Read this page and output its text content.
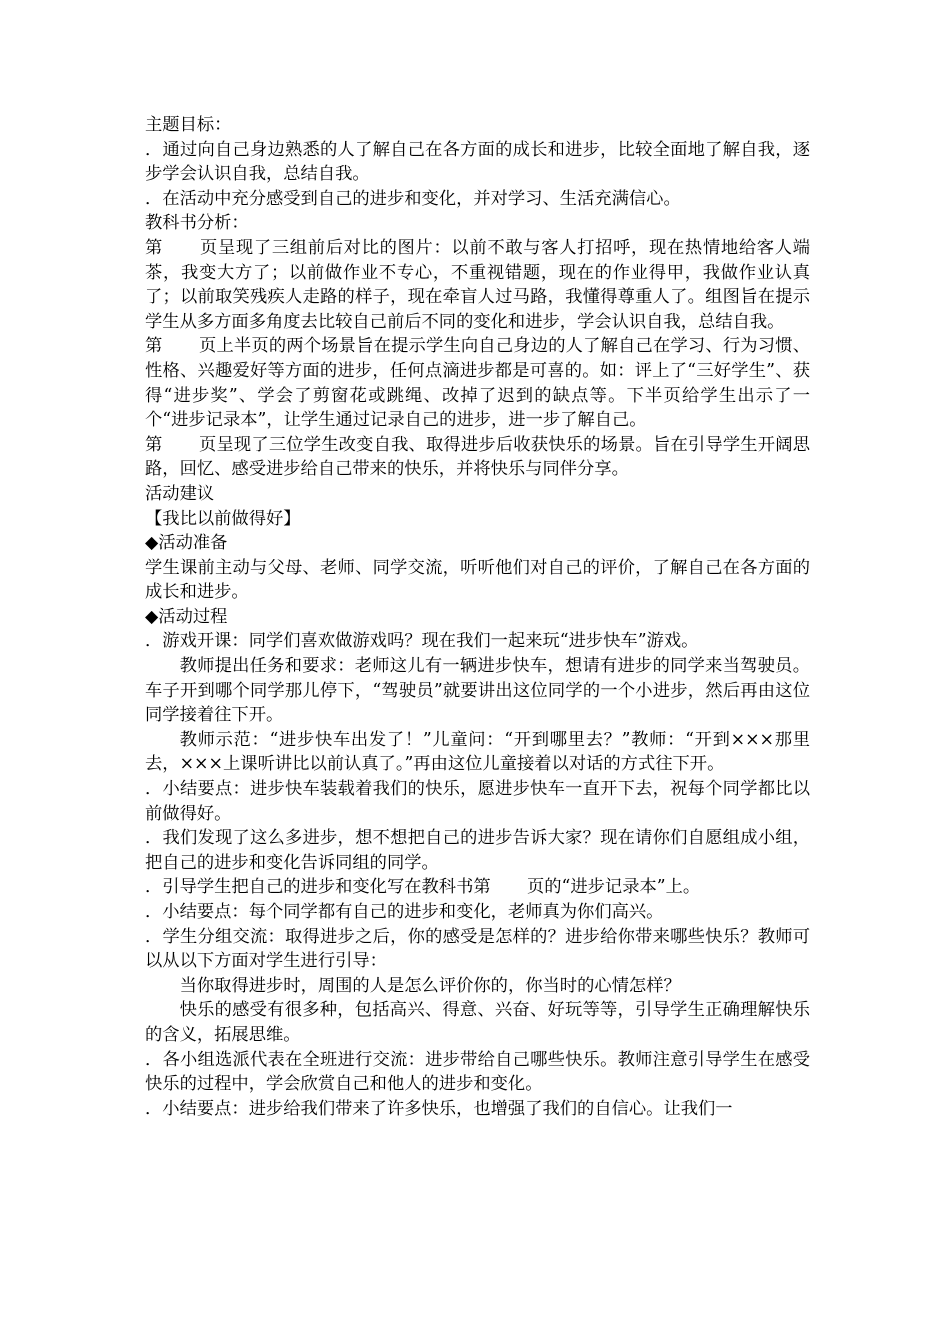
主题目标：

．通过向自己身边熟悉的人了解自己在各方面的成长和进步，比较全面地了解自我，逐步学会认识自我，总结自我。

．在活动中充分感受到自己的进步和变化，并对学习、生活充满信心。

教科书分析：

第 页呈现了三组前后对比的图片：以前不敢与客人打招呼，现在热情地给客人端茶，我变大方了；以前做作业不专心，不重视错题，现在的作业得甲，我做作业认真了；以前取笑残疾人走路的样子，现在牵盲人过马路，我懂得尊重人了。组图旨在提示学生从多方面多角度去比较自己前后不同的变化和进步，学会认识自我，总结自我。

第 页上半页的两个场景旨在提示学生向自己身边的人了解自己在学习、行为习惯、性格、兴趣爱好等方面的进步，任何点滴进步都是可喜的。如：评上了“三好学生”、获得“进步奖”、学会了剪窗花或跳绳、改掉了迟到的缺点等。下半页给学生出示了一个“进步记录本”，让学生通过记录自己的进步，进一步了解自己。

第 页呈现了三位学生改变自我、取得进步后收获快乐的场景。旨在引导学生开阔思路，回忆、感受进步给自己带来的快乐，并将快乐与同伴分享。

活动建议

【我比以前做得好】

◆活动准备

学生课前主动与父母、老师、同学交流，听听他们对自己的评价，了解自己在各方面的成长和进步。

◆活动过程

．游戏开课：同学们喜欢做游戏吗？现在我们一起来玩“进步快车”游戏。

教师提出任务和要求：老师这儿有一辆进步快车，想请有进步的同学来当驾驶员。车子开到哪个同学那儿停下，“驾驶员”就要讲出这位同学的一个小进步，然后再由这位同学接着往下开。

教师示范：“进步快车出发了！”儿童问：“开到哪里去？”教师：“开到×××那里去，×××上课听讲比以前认真了。”再由这位儿童接着以对话的方式往下开。

．小结要点：进步快车装载着我们的快乐，愿进步快车一直开下去，祝每个同学都比以前做得好。

．我们发现了这么多进步，想不想把自己的进步告诉大家？现在请你们自愿组成小组，把自己的进步和变化告诉同组的同学。

．引导学生把自己的进步和变化写在教科书第 页的“进步记录本”上。

．小结要点：每个同学都有自己的进步和变化，老师真为你们高兴。

．学生分组交流：取得进步之后，你的感受是怎样的？进步给你带来哪些快乐？教师可以从以下方面对学生进行引导：

当你取得进步时，周围的人是怎么评价你的，你当时的心情怎样？

快乐的感受有很多种，包括高兴、得意、兴奋、好玩等等，引导学生正确理解快乐的含义，拓展思维。

．各小组选派代表在全班进行交流：进步带给自己哪些快乐。教师注意引导学生在感受快乐的过程中，学会欣赏自己和他人的进步和变化。

．小结要点：进步给我们带来了许多快乐，也增强了我们的自信心。让我们一
